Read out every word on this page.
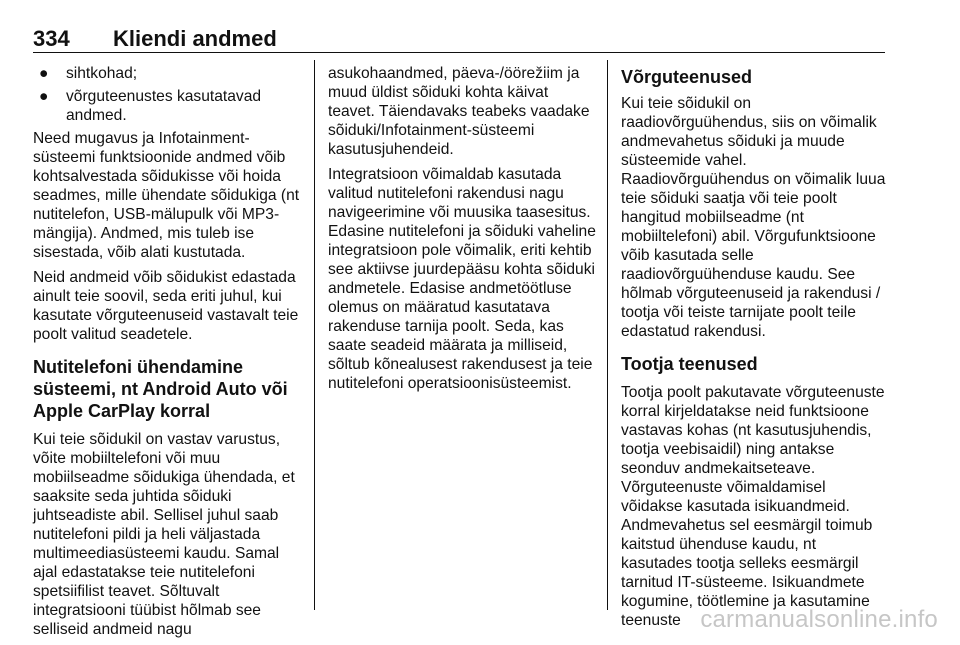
334 Kliendi andmed
● sihtkohad;
● võrguteenustes kasutatavad andmed.

Need mugavus ja Infotainment-süsteemi funktsioonide andmed võib kohtsalvestada sõidukisse või hoida seadmes, mille ühendate sõidukiga (nt nutitelefon, USB-mälupulk või MP3-mängija). Andmed, mis tuleb ise sisestada, võib alati kustutada.

Neid andmeid võib sõidukist edastada ainult teie soovil, seda eriti juhul, kui kasutate võrguteenuseid vastavalt teie poolt valitud seadetele.

Nutitelefoni ühendamine süsteemi, nt Android Auto või Apple CarPlay korral

Kui teie sõidukil on vastav varustus, võite mobiiltelefoni või muu mobiilseadme sõidukiga ühendada, et saaksite seda juhtida sõiduki juhtseadiste abil. Sellisel juhul saab nutitelefoni pildi ja heli väljastada multimeediasüsteemi kaudu. Samal ajal edastatakse teie nutitelefoni spetsiifilist teavet. Sõltuvalt integratsiooni tüübist hõlmab see selliseid andmeid nagu

asukohaandmed, päeva-/öörežiim ja muud üldist sõiduki kohta käivat teavet. Täiendavaks teabeks vaadake sõiduki/Infotainment-süsteemi kasutusjuhendeid.

Integratsioon võimaldab kasutada valitud nutitelefoni rakendusi nagu navigeerimine või muusika taasesitus. Edasine nutitelefoni ja sõiduki vaheline integratsioon pole võimalik, eriti kehtib see aktiivse juurdepääsu kohta sõiduki andmetele. Edasise andmetöötluse olemus on määratud kasutatava rakenduse tarnija poolt. Seda, kas saate seadeid määrata ja milliseid, sõltub kõnealusest rakendusest ja teie nutitelefoni operatsioonisüsteemist.

Võrguteenused

Kui teie sõidukil on raadiovõrguühendus, siis on võimalik andmevahetus sõiduki ja muude süsteemide vahel. Raadiovõrguühendus on võimalik luua teie sõiduki saatja või teie poolt hangitud mobiilseadme (nt mobiiltelefoni) abil. Võrgufunktsioone võib kasutada selle raadiovõrguühenduse kaudu. See hõlmab võrguteenuseid ja rakendusi / tootja või teiste tarnijate poolt teile edastatud rakendusi.

Tootja teenused

Tootja poolt pakutavate võrguteenuste korral kirjeldatakse neid funktsioone vastavas kohas (nt kasutusjuhendis, tootja veebisaidil) ning antakse seonduv andmekaitseteave. Võrguteenuste võimaldamisel võidakse kasutada isikuandmeid. Andmevahetus sel eesmärgil toimub kaitstud ühenduse kaudu, nt kasutades tootja selleks eesmärgil tarnitud IT-süsteeme. Isikuandmete kogumine, töötlemine ja kasutamine teenuste carmanualsonline.info
